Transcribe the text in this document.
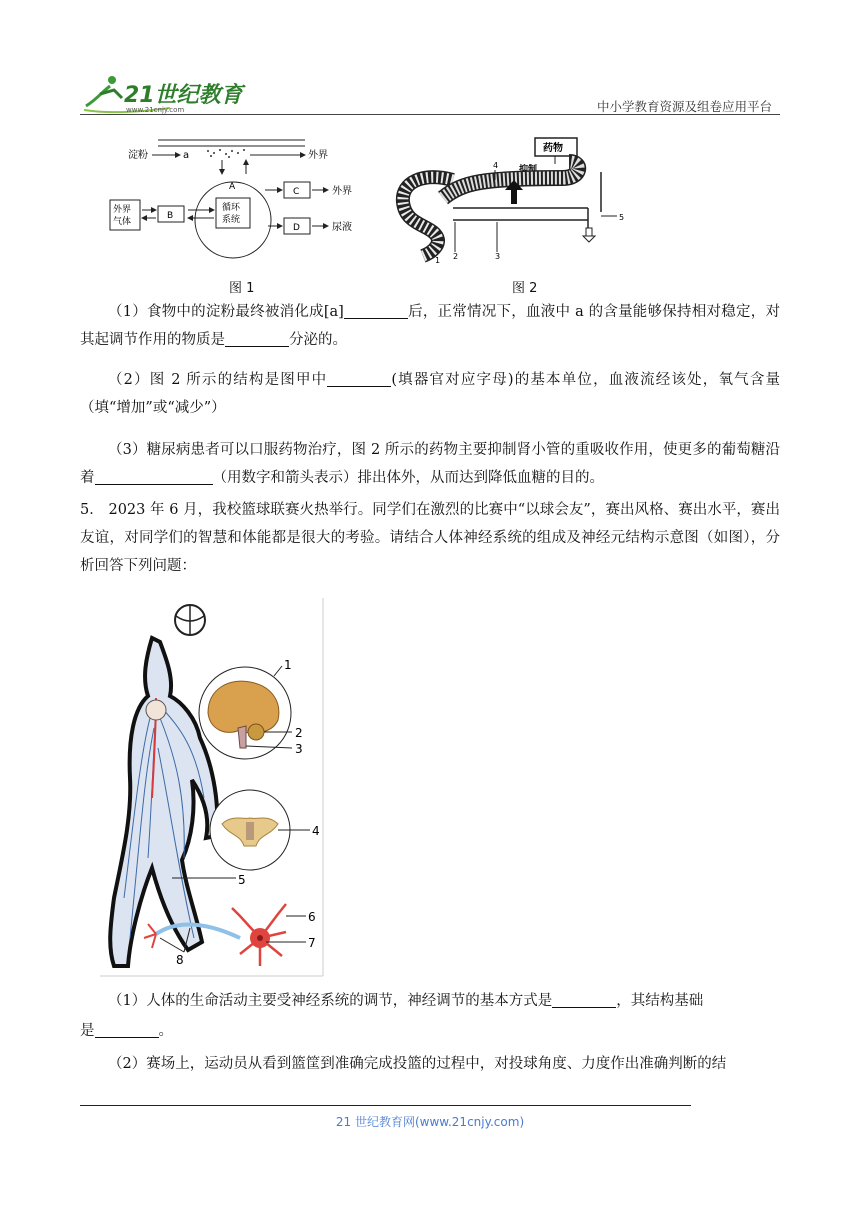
21世纪教育
www.21cnjy.com	中小学教育资源及组卷应用平台
淀粉	a	外界
A
循环
系统
B
外界
气体
C	外界
D	尿液
图 1
药物
抑制
4
1 2	3
5
图 2
（1）食物中的淀粉最终被消化成[a]	后，正常情况下，血液中 a 的含量能够保持相对稳定，对其起调节作用的物质是	分泌的。
（2）图 2 所示的结构是图甲中	(填器官对应字母)的基本单位，血液流经该处，氧气含量（填“增加”或“减少”）
（3）糖尿病患者可以口服药物治疗，图 2 所示的药物主要抑制肾小管的重吸收作用，使更多的葡萄糖沿着	（用数字和箭头表示）排出体外，从而达到降低血糖的目的。
5． 2023 年 6 月，我校篮球联赛火热举行。同学们在激烈的比赛中“以球会友”，赛出风格、赛出水平，赛出友谊，对同学们的智慧和体能都是很大的考验。请结合人体神经系统的组成及神经元结构示意图（如图），分析回答下列问题：
1
2
3
4
5
6
7
8
（1）人体的生命活动主要受神经系统的调节，神经调节的基本方式是	，其结构基础
是	。
（2）赛场上，运动员从看到篮筐到准确完成投篮的过程中，对投球角度、力度作出准确判断的结
21 世纪教育网(www.21cnjy.com)
